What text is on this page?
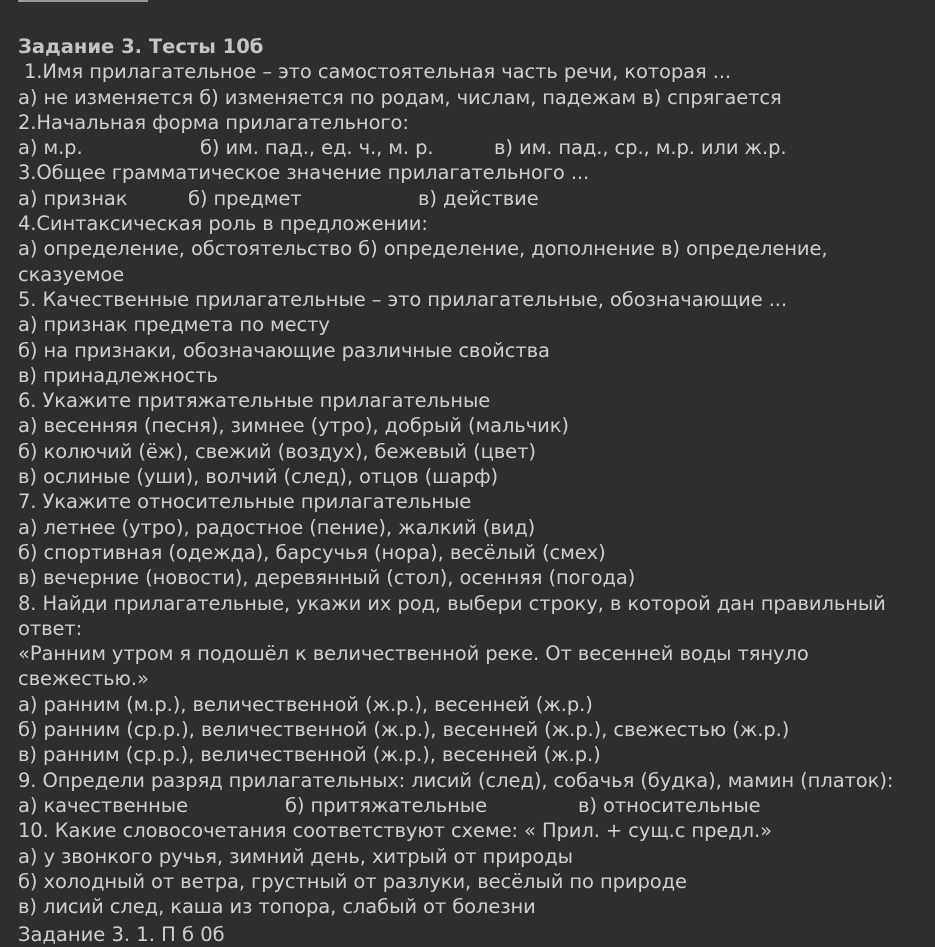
Задание 3. Тесты 10б
1.Имя прилагательное – это самостоятельная часть речи, которая ...
а) не изменяется б) изменяется по родам, числам, падежам в) спрягается
2.Начальная форма прилагательного:
а) м.р.	б) им. пад., ед. ч., м. р.	в) им. пад., ср., м.р. или ж.р.
3.Общее грамматическое значение прилагательного ...
а) признак	б) предмет	в) действие
4.Синтаксическая роль в предложении:
а) определение, обстоятельство б) определение, дополнение в) определение,
сказуемое
5. Качественные прилагательные – это прилагательные, обозначающие ...
а) признак предмета по месту
б) на признаки, обозначающие различные свойства
в) принадлежность
6. Укажите притяжательные прилагательные
а) весенняя (песня), зимнее (утро), добрый (мальчик)
б) колючий (ёж), свежий (воздух), бежевый (цвет)
в) ослиные (уши), волчий (след), отцов (шарф)
7. Укажите относительные прилагательные
а) летнее (утро), радостное (пение), жалкий (вид)
б) спортивная (одежда), барсучья (нора), весёлый (смех)
в) вечерние (новости), деревянный (стол), осенняя (погода)
8. Найди прилагательные, укажи их род, выбери строку, в которой дан правильный
ответ:
«Ранним утром я подошёл к величественной реке. От весенней воды тянуло
свежестью.»
а) ранним (м.р.), величественной (ж.р.), весенней (ж.р.)
б) ранним (ср.р.), величественной (ж.р.), весенней (ж.р.), свежестью (ж.р.)
в) ранним (ср.р.), величественной (ж.р.), весенней (ж.р.)
9. Определи разряд прилагательных: лисий (след), собачья (будка), мамин (платок):
а) качественные	б) притяжательные	в) относительные
10. Какие словосочетания соответствуют схеме: « Прил. + сущ.с предл.»
а) у звонкого ручья, зимний день, хитрый от природы
б) холодный от ветра, грустный от разлуки, весёлый по природе
в) лисий след, каша из топора, слабый от болезни
Задание 3. 1. П б 0б
